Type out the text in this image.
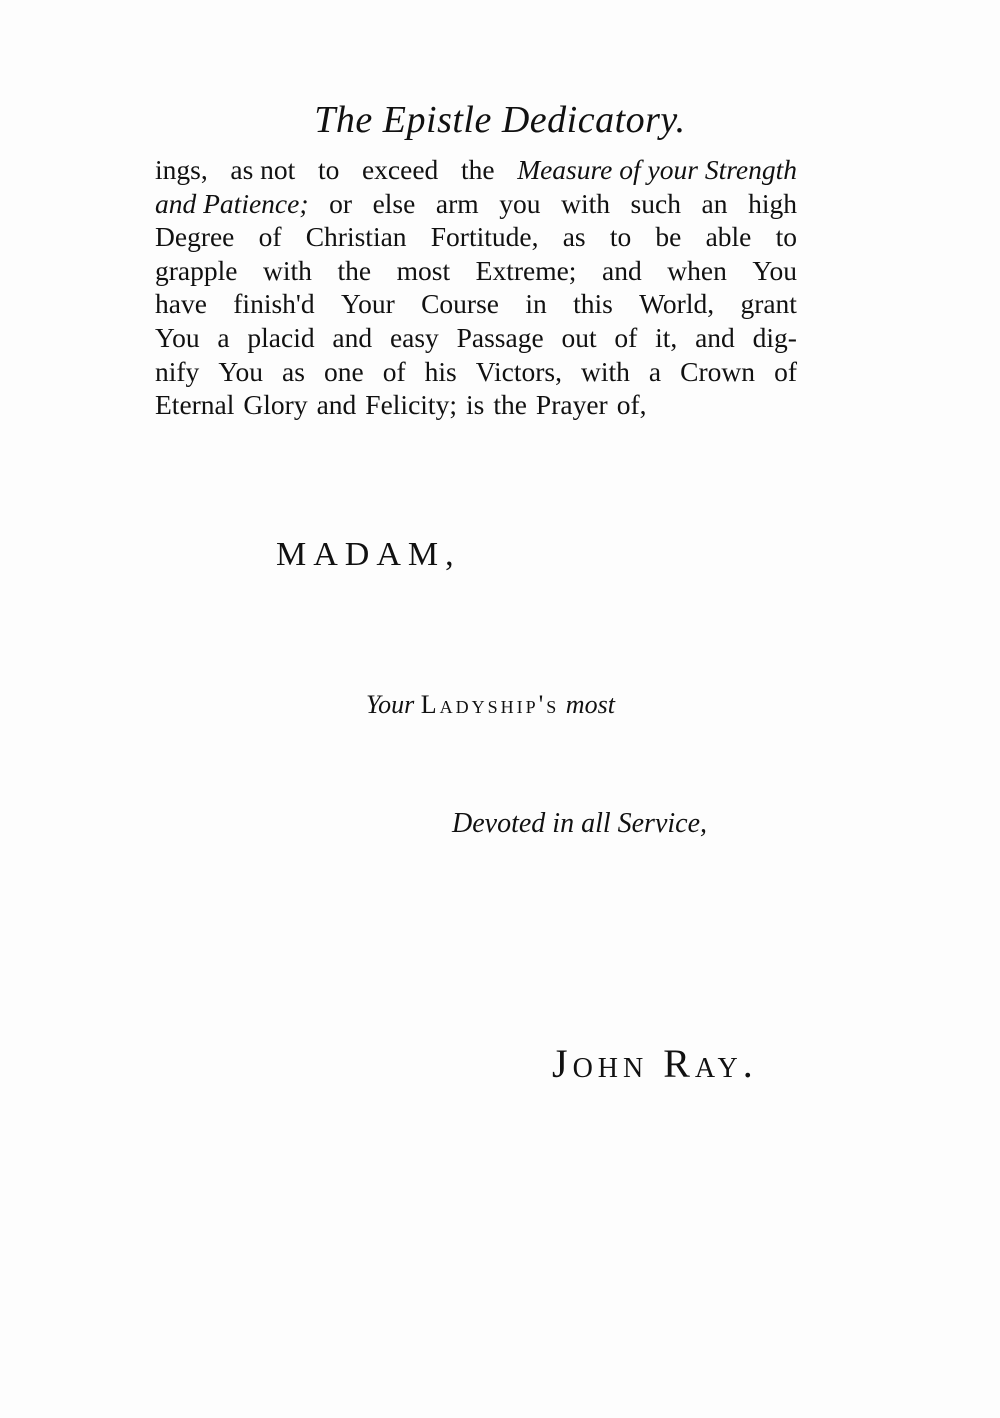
The Epistle Dedicatory.
ings, as not to exceed the Measure of your Strength
and Patience; or else arm you with such an high
Degree of Christian Fortitude, as to be able to
grapple with the most Extreme; and when You
have finish'd Your Course in this World, grant
You a placid and easy Passage out of it, and dig-
nify You as one of his Victors, with a Crown of
Eternal Glory and Felicity; is the Prayer of,
MADAM,
Your Ladyship's most
Devoted in all Service,
John Ray.
